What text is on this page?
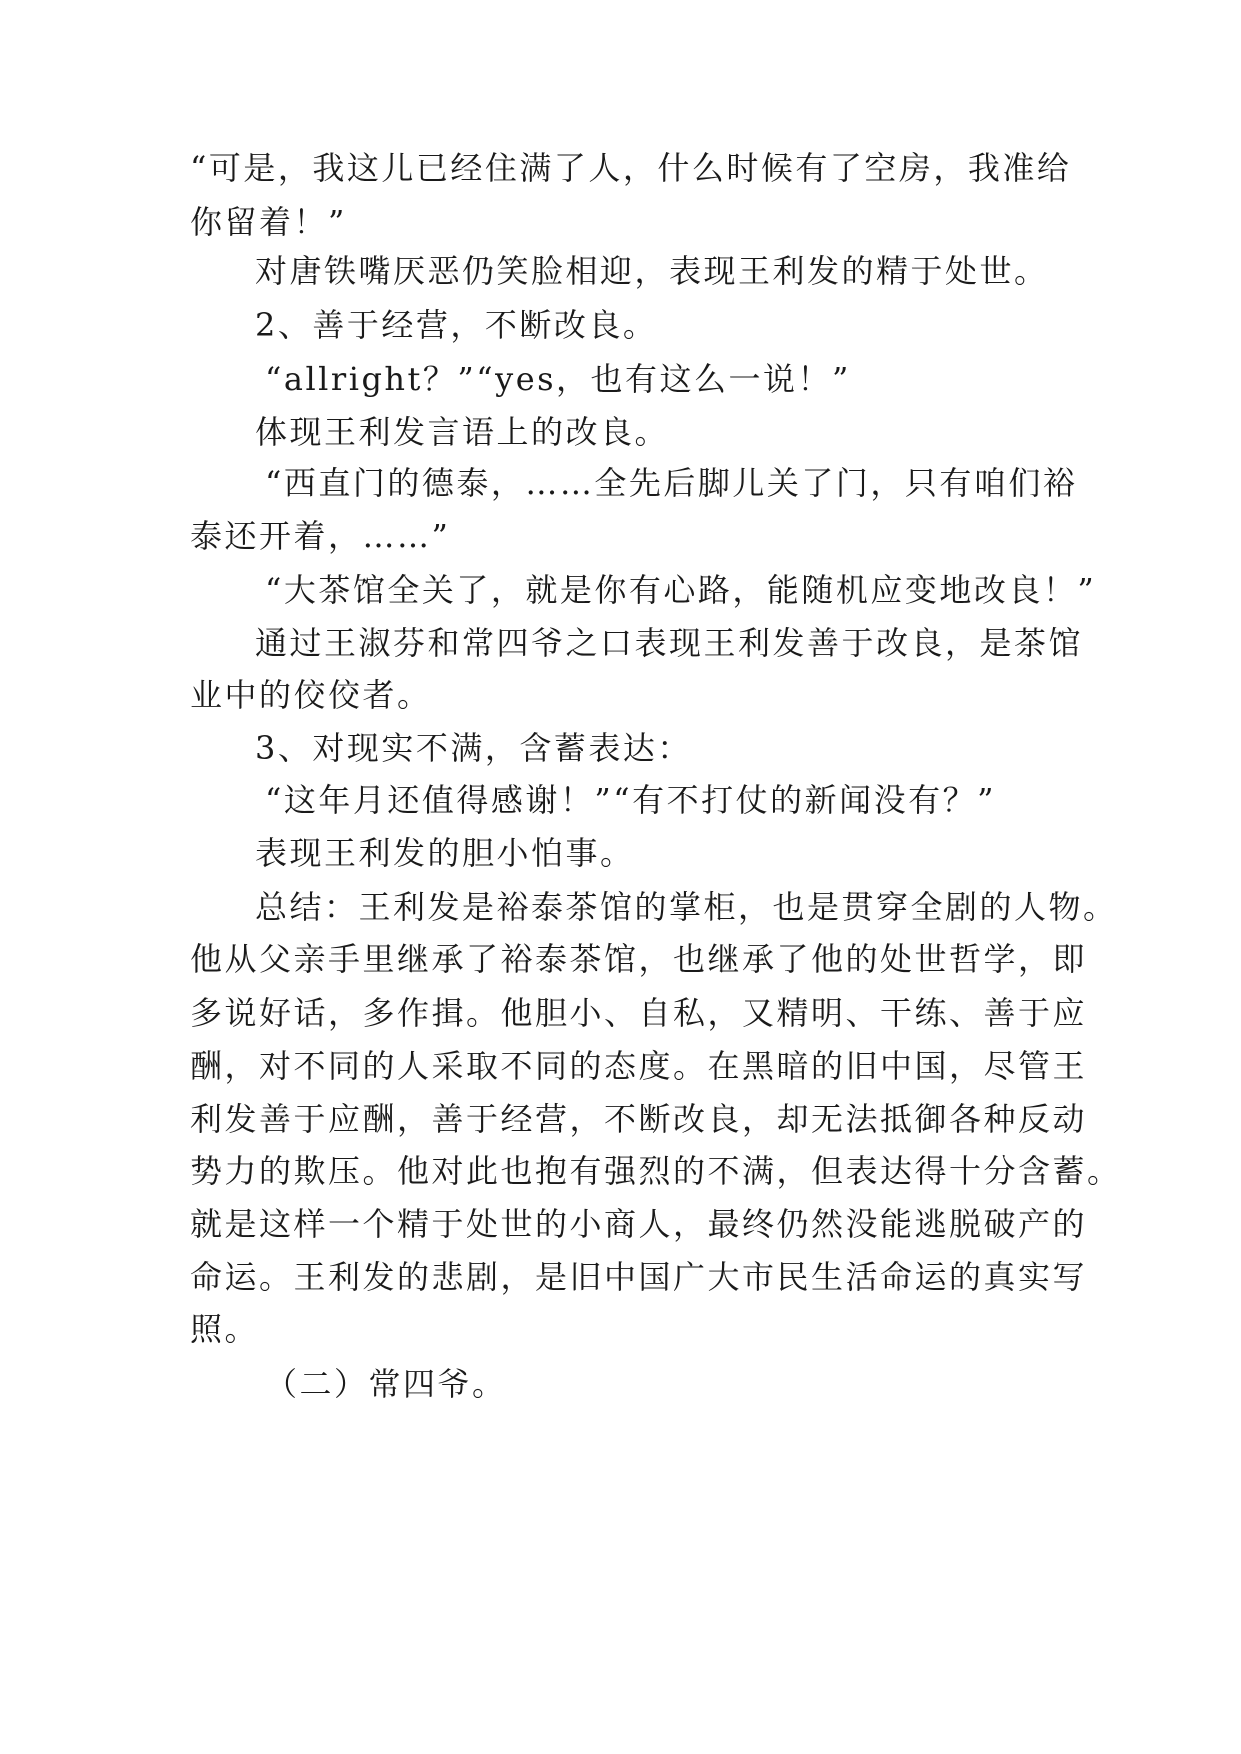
“可是，我这儿已经住满了人，什么时候有了空房，我准给
你留着！”
对唐铁嘴厌恶仍笑脸相迎，表现王利发的精于处世。
2、善于经营，不断改良。
“allright？”“yes，也有这么一说！”
体现王利发言语上的改良。
“西直门的德泰，……全先后脚儿关了门，只有咱们裕
泰还开着，……”
“大茶馆全关了，就是你有心路，能随机应变地改良！”
通过王淑芬和常四爷之口表现王利发善于改良，是茶馆
业中的佼佼者。
3、对现实不满，含蓄表达：
“这年月还值得感谢！”“有不打仗的新闻没有？”
表现王利发的胆小怕事。
总结：王利发是裕泰茶馆的掌柜，也是贯穿全剧的人物。
他从父亲手里继承了裕泰茶馆，也继承了他的处世哲学，即
多说好话，多作揖。他胆小、自私，又精明、干练、善于应
酬，对不同的人采取不同的态度。在黑暗的旧中国，尽管王
利发善于应酬，善于经营，不断改良，却无法抵御各种反动
势力的欺压。他对此也抱有强烈的不满，但表达得十分含蓄。
就是这样一个精于处世的小商人，最终仍然没能逃脱破产的
命运。王利发的悲剧，是旧中国广大市民生活命运的真实写
照。
（二）常四爷。
